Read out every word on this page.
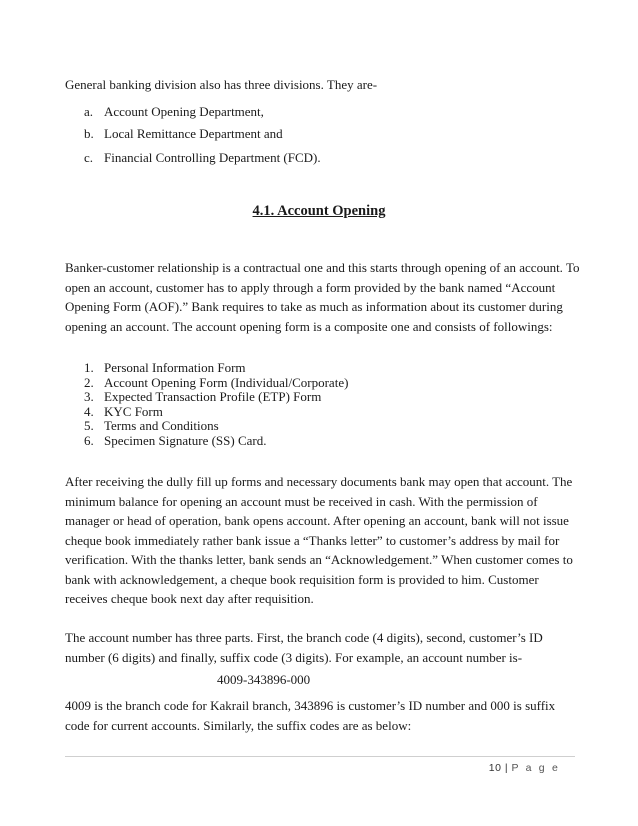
General banking division also has three divisions. They are-
a. Account Opening Department,
b. Local Remittance Department and
c. Financial Controlling Department (FCD).
4.1. Account Opening
Banker-customer relationship is a contractual one and this starts through opening of an account. To
open an account, customer has to apply through a form provided by the bank named “Account
Opening Form (AOF).” Bank requires to take as much as information about its customer during
opening an account. The account opening form is a composite one and consists of followings:
1. Personal Information Form
2. Account Opening Form (Individual/Corporate)
3. Expected Transaction Profile (ETP) Form
4. KYC Form
5. Terms and Conditions
6. Specimen Signature (SS) Card.
After receiving the dully fill up forms and necessary documents bank may open that account. The
minimum balance for opening an account must be received in cash. With the permission of
manager or head of operation, bank opens account. After opening an account, bank will not issue
cheque book immediately rather bank issue a “Thanks letter” to customer’s address by mail for
verification. With the thanks letter, bank sends an “Acknowledgement.” When customer comes to
bank with acknowledgement, a cheque book requisition form is provided to him. Customer
receives cheque book next day after requisition.
The account number has three parts. First, the branch code (4 digits), second, customer’s ID
number (6 digits) and finally, suffix code (3 digits). For example, an account number is-
4009-343896-000
4009 is the branch code for Kakrail branch, 343896 is customer’s ID number and 000 is suffix
code for current accounts. Similarly, the suffix codes are as below:
10 | P a g e
